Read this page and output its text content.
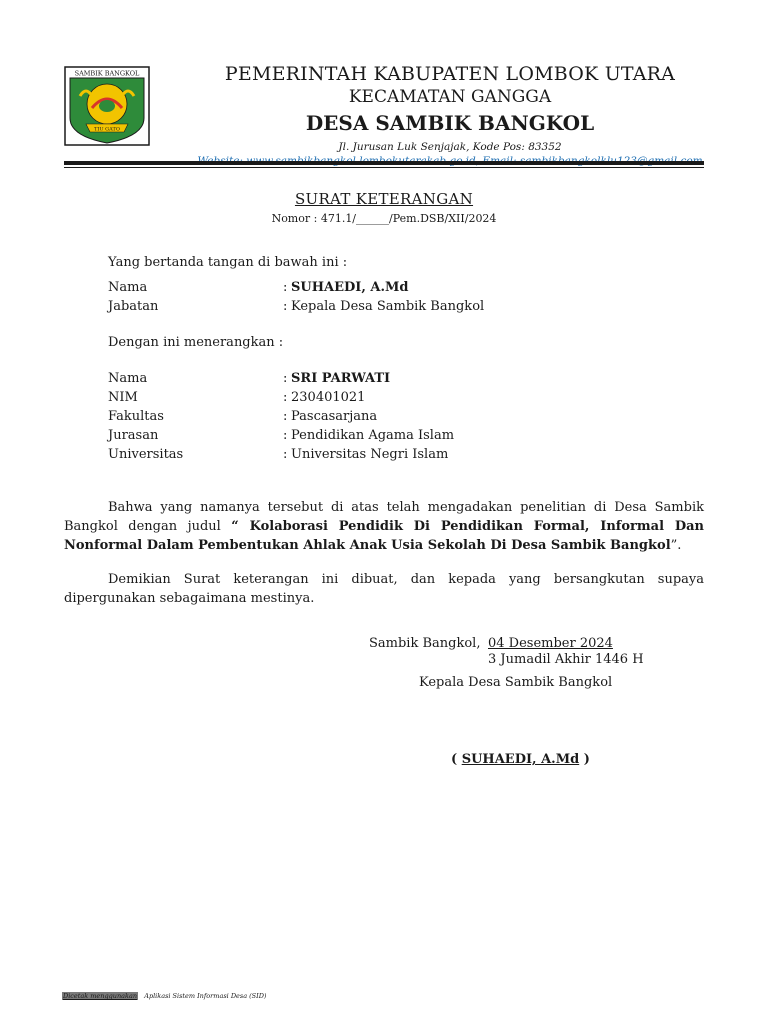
SAMBIK BANGKOL
TIU GATO
PEMERINTAH KABUPATEN LOMBOK UTARA
KECAMATAN GANGGA
DESA SAMBIK BANGKOL
Jl. Jurusan Luk Senjajak, Kode Pos: 83352
SURAT KETERANGAN
Nomor : 471.1/______/Pem.DSB/XII/2024
Yang bertanda tangan di bawah ini :
Nama	: SUHAEDI, A.Md
Jabatan	: Kepala Desa Sambik Bangkol
Dengan ini menerangkan :
Nama	: SRI PARWATI
NIM	: 230401021
Fakultas	: Pascasarjana
Jurasan	: Pendidikan Agama Islam
Universitas	: Universitas Negri Islam
Bahwa yang namanya tersebut di atas telah mengadakan penelitian di Desa Sambik Bangkol dengan judul “ Kolaborasi Pendidik Di Pendidikan Formal, Informal Dan Nonformal Dalam Pembentukan Ahlak Anak Usia Sekolah Di Desa Sambik Bangkol”.
Demikian Surat keterangan ini dibuat, dan kepada yang bersangkutan supaya dipergunakan sebagaimana mestinya.
Sambik Bangkol, 04 Desember 2024
3 Jumadil Akhir 1446 H
Kepala Desa Sambik Bangkol
( SUHAEDI, A.Md )
Dicetak menggunakan Aplikasi Sistem Informasi Desa (SID)
